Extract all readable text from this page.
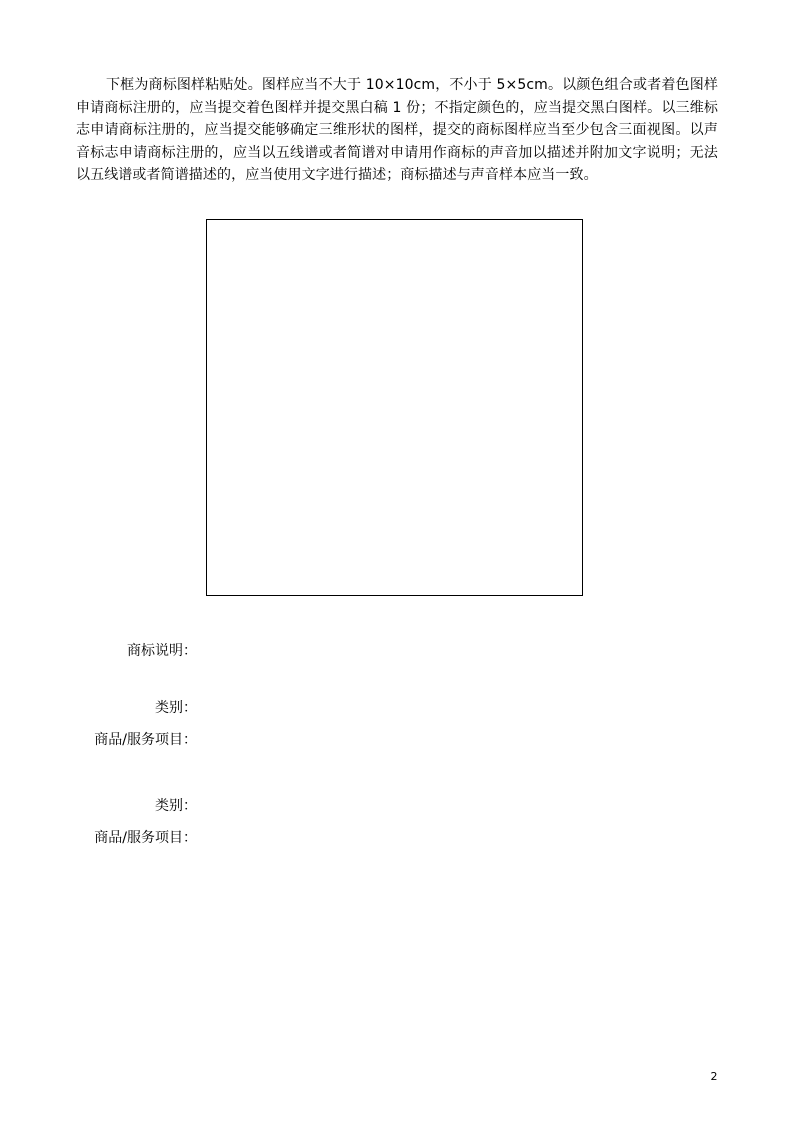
下框为商标图样粘贴处。图样应当不大于 10×10cm，不小于 5×5cm。以颜色组合或者着色图样申请商标注册的，应当提交着色图样并提交黑白稿 1 份；不指定颜色的，应当提交黑白图样。以三维标志申请商标注册的，应当提交能够确定三维形状的图样，提交的商标图样应当至少包含三面视图。以声音标志申请商标注册的，应当以五线谱或者简谱对申请用作商标的声音加以描述并附加文字说明；无法以五线谱或者简谱描述的，应当使用文字进行描述；商标描述与声音样本应当一致。

商标说明：
类别：
商品/服务项目：
类别：
商品/服务项目：
2
